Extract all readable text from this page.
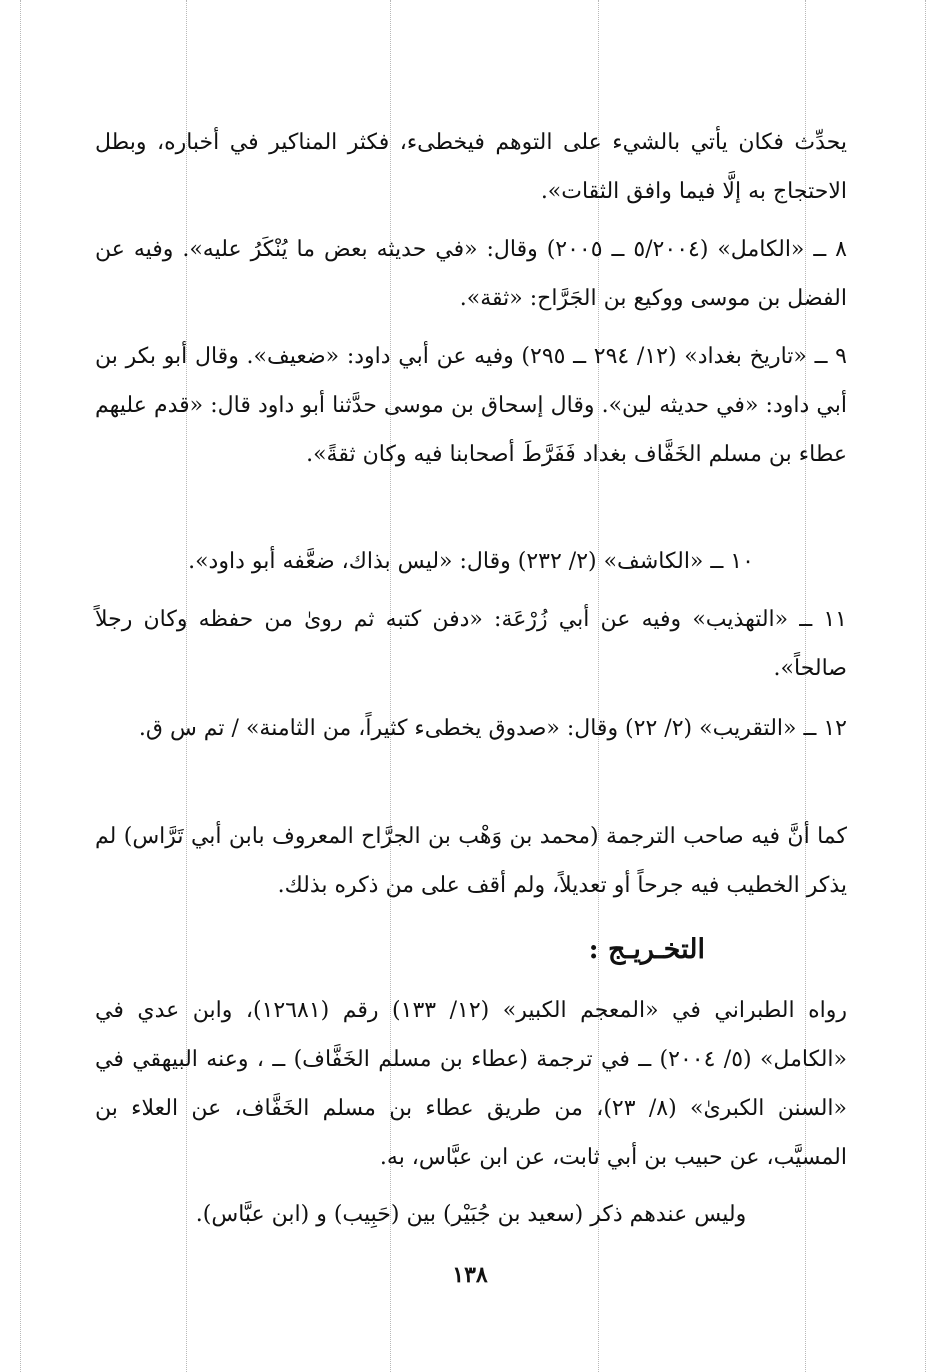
يحدِّث فكان يأتي بالشيء على التوهم فيخطىء، فكثر المناكير في أخباره، وبطل الاحتجاج به إلَّا فيما وافق الثقات».

٨ ــ «الكامل» (٥/٢٠٠٤ ــ ٢٠٠٥) وقال: «في حديثه بعض ما يُنْكَرُ عليه». وفيه عن الفضل بن موسى ووكيع بن الجَرَّاح: «ثقة».

٩ ــ «تاريخ بغداد» (١٢/ ٢٩٤ ــ ٢٩٥) وفيه عن أبي داود: «ضعيف». وقال أبو بكر بن أبي داود: «في حديثه لين». وقال إسحاق بن موسى حدَّثنا أبو داود قال: «قدم عليهم عطاء بن مسلم الخَفَّاف بغداد فَفَرَّطَ أصحابنا فيه وكان ثقةً».

١٠ ــ «الكاشف» (٢/ ٢٣٢) وقال: «ليس بذاك، ضعَّفه أبو داود».

١١ ــ «التهذيب» وفيه عن أبي زُرْعَة: «دفن كتبه ثم روىٰ من حفظه وكان رجلاً صالحاً».

١٢ ــ «التقريب» (٢/ ٢٢) وقال: «صدوق يخطىء كثيراً، من الثامنة» / تم س ق.

كما أنَّ فيه صاحب الترجمة (محمد بن وَهْب بن الجرَّاح المعروف بابن أبي تَرَّاس) لم يذكر الخطيب فيه جرحاً أو تعديلاً، ولم أقف على من ذكره بذلك.

التخـريـج :

رواه الطبراني في «المعجم الكبير» (١٢/ ١٣٣) رقم (١٢٦٨١)، وابن عدي في «الكامل» (٥/ ٢٠٠٤) ــ في ترجمة (عطاء بن مسلم الخَفَّاف) ــ ، وعنه البيهقي في «السنن الكبرىٰ» (٨/ ٢٣)، من طريق عطاء بن مسلم الخَفَّاف، عن العلاء بن المسيَّب، عن حبيب بن أبي ثابت، عن ابن عبَّاس، به.

وليس عندهم ذكر (سعيد بن جُبَيْر) بين (حَبِيب) و (ابن عبَّاس).

١٣٨
